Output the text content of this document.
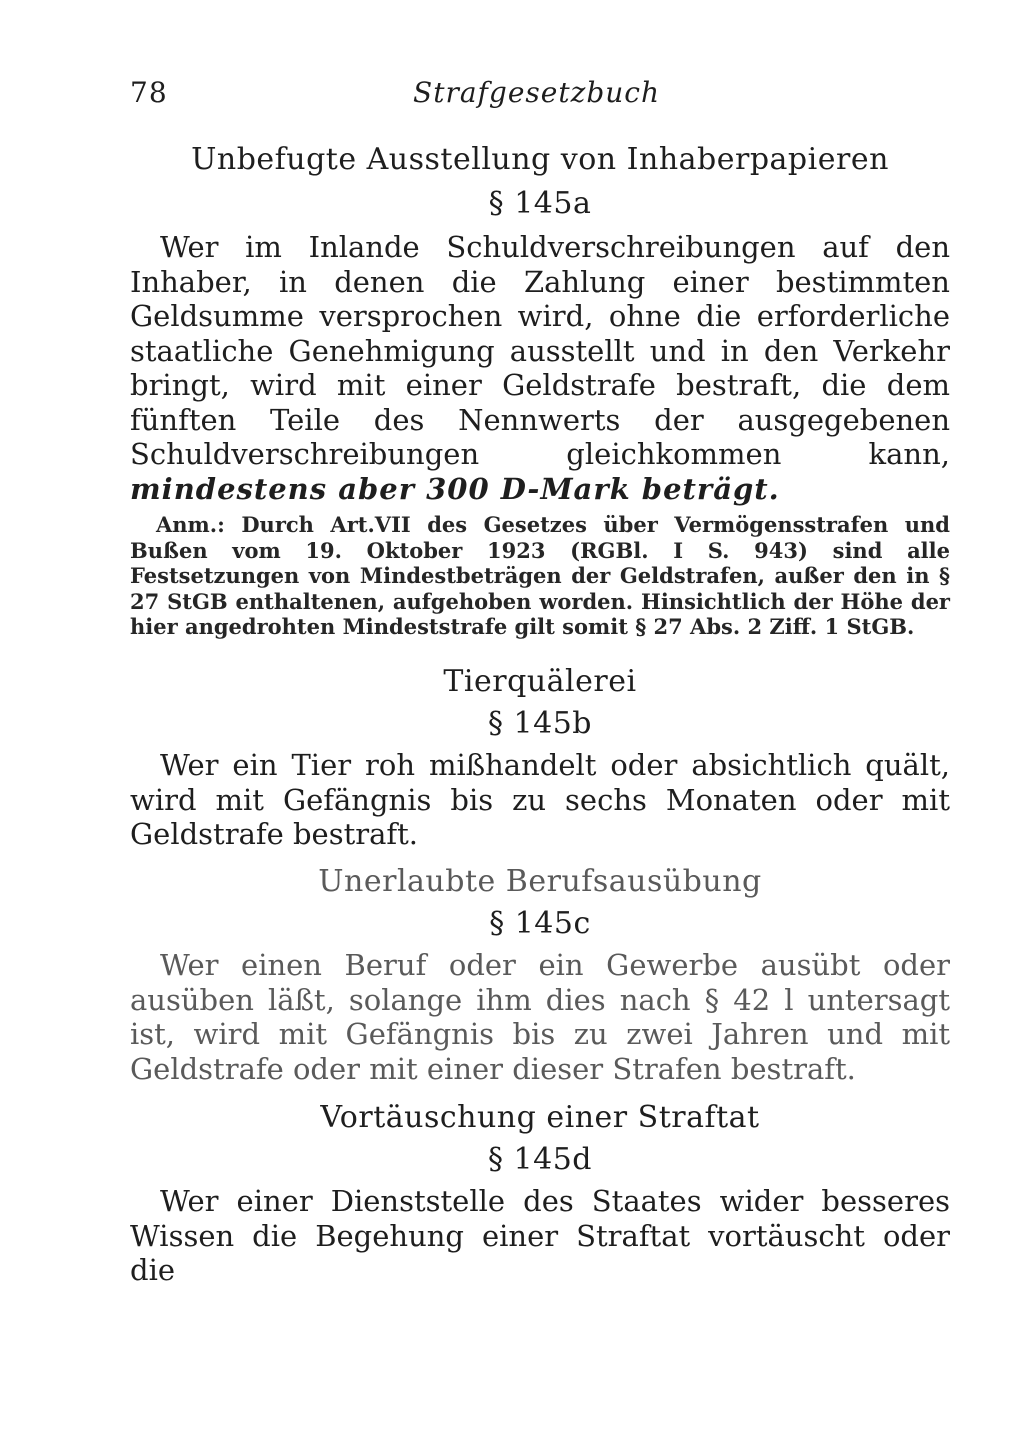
78	Strafgesetzbuch
Unbefugte Ausstellung von Inhaberpapieren
§ 145a

Wer im Inlande Schuldverschreibungen auf den Inhaber, in denen die Zahlung einer bestimmten Geldsumme versprochen wird, ohne die erforderliche staatliche Genehmigung ausstellt und in den Verkehr bringt, wird mit einer Geldstrafe bestraft, die dem fünften Teile des Nennwerts der ausgegebenen Schuldverschreibungen gleichkommen kann, mindestens aber 300 D-Mark beträgt.

Anm.: Durch Art.VII des Gesetzes über Vermögensstrafen und Bußen vom 19. Oktober 1923 (RGBl. I S. 943) sind alle Festsetzungen von Mindestbeträgen der Geldstrafen, außer den in § 27 StGB enthaltenen, aufgehoben worden. Hinsichtlich der Höhe der hier angedrohten Mindeststrafe gilt somit § 27 Abs. 2 Ziff. 1 StGB.

Tierquälerei
§ 145b

Wer ein Tier roh mißhandelt oder absichtlich quält, wird mit Gefängnis bis zu sechs Monaten oder mit Geldstrafe bestraft.

Unerlaubte Berufsausübung
§ 145c

Wer einen Beruf oder ein Gewerbe ausübt oder ausüben läßt, solange ihm dies nach § 42 l untersagt ist, wird mit Gefängnis bis zu zwei Jahren und mit Geldstrafe oder mit einer dieser Strafen bestraft.

Vortäuschung einer Straftat
§ 145d

Wer einer Dienststelle des Staates wider besseres Wissen die Begehung einer Straftat vortäuscht oder die
